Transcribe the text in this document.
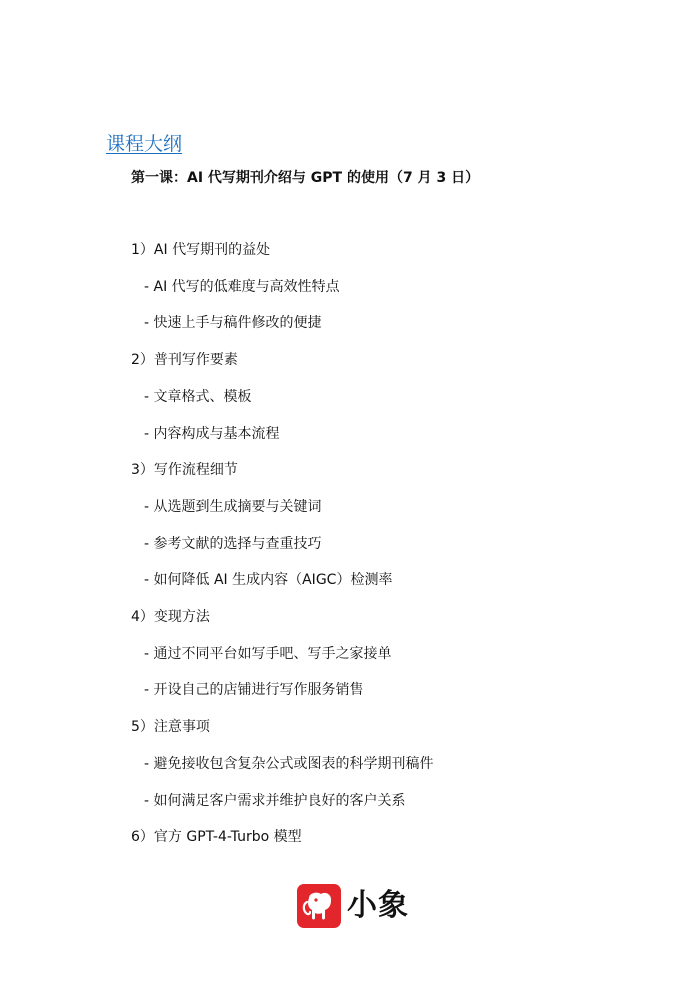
课程大纲
第一课：AI 代写期刊介绍与 GPT 的使用（7 月 3 日）
1）AI 代写期刊的益处
- AI 代写的低难度与高效性特点
- 快速上手与稿件修改的便捷
2）普刊写作要素
- 文章格式、模板
- 内容构成与基本流程
3）写作流程细节
- 从选题到生成摘要与关键词
- 参考文献的选择与查重技巧
- 如何降低 AI 生成内容（AIGC）检测率
4）变现方法
- 通过不同平台如写手吧、写手之家接单
- 开设自己的店铺进行写作服务销售
5）注意事项
- 避免接收包含复杂公式或图表的科学期刊稿件
- 如何满足客户需求并维护良好的客户关系
6）官方 GPT-4-Turbo 模型
小象
